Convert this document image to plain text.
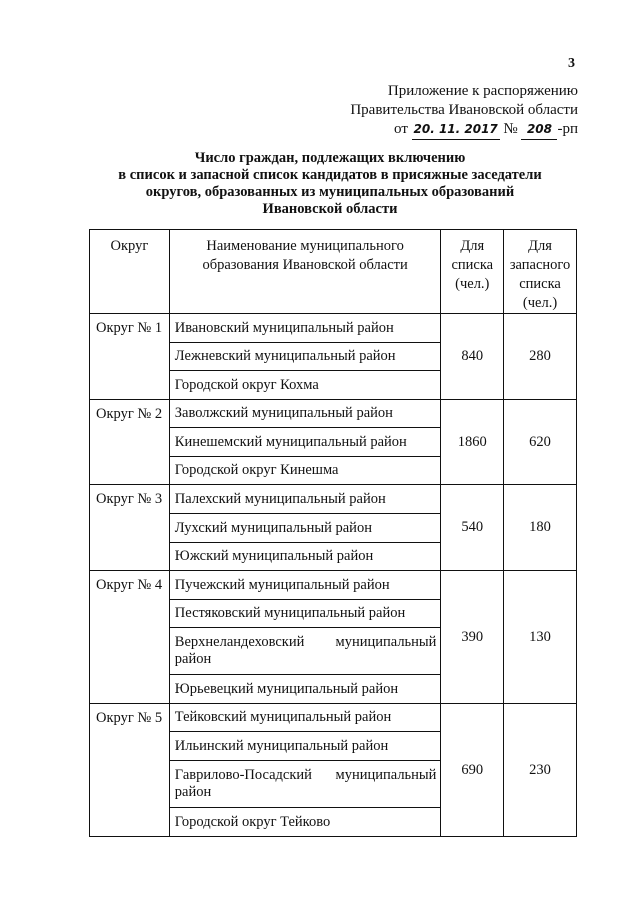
3
Приложение к распоряжению
Правительства Ивановской области
от 20. 11. 2017 № 208 -рп
Число граждан, подлежащих включению
в список и запасной список кандидатов в присяжные заседатели
округов, образованных из муниципальных образований
Ивановской области
Округ	Наименование муниципального образования Ивановской области	Для списка (чел.)	Для запасного списка (чел.)
Округ № 1	Ивановский муниципальный район	840	280
	Лежневский муниципальный район		
	Городской округ Кохма		
Округ № 2	Заволжский муниципальный район	1860	620
	Кинешемский муниципальный район		
	Городской округ Кинешма		
Округ № 3	Палехский муниципальный район	540	180
	Лухский муниципальный район		
	Южский муниципальный район		
Округ № 4	Пучежский муниципальный район	390	130
	Пестяковский муниципальный район		
	Верхнеландеховский муниципальный район		
	Юрьевецкий муниципальный район		
Округ № 5	Тейковский муниципальный район	690	230
	Ильинский муниципальный район		
	Гаврилово-Посадский муниципальный район		
	Городской округ Тейково		
